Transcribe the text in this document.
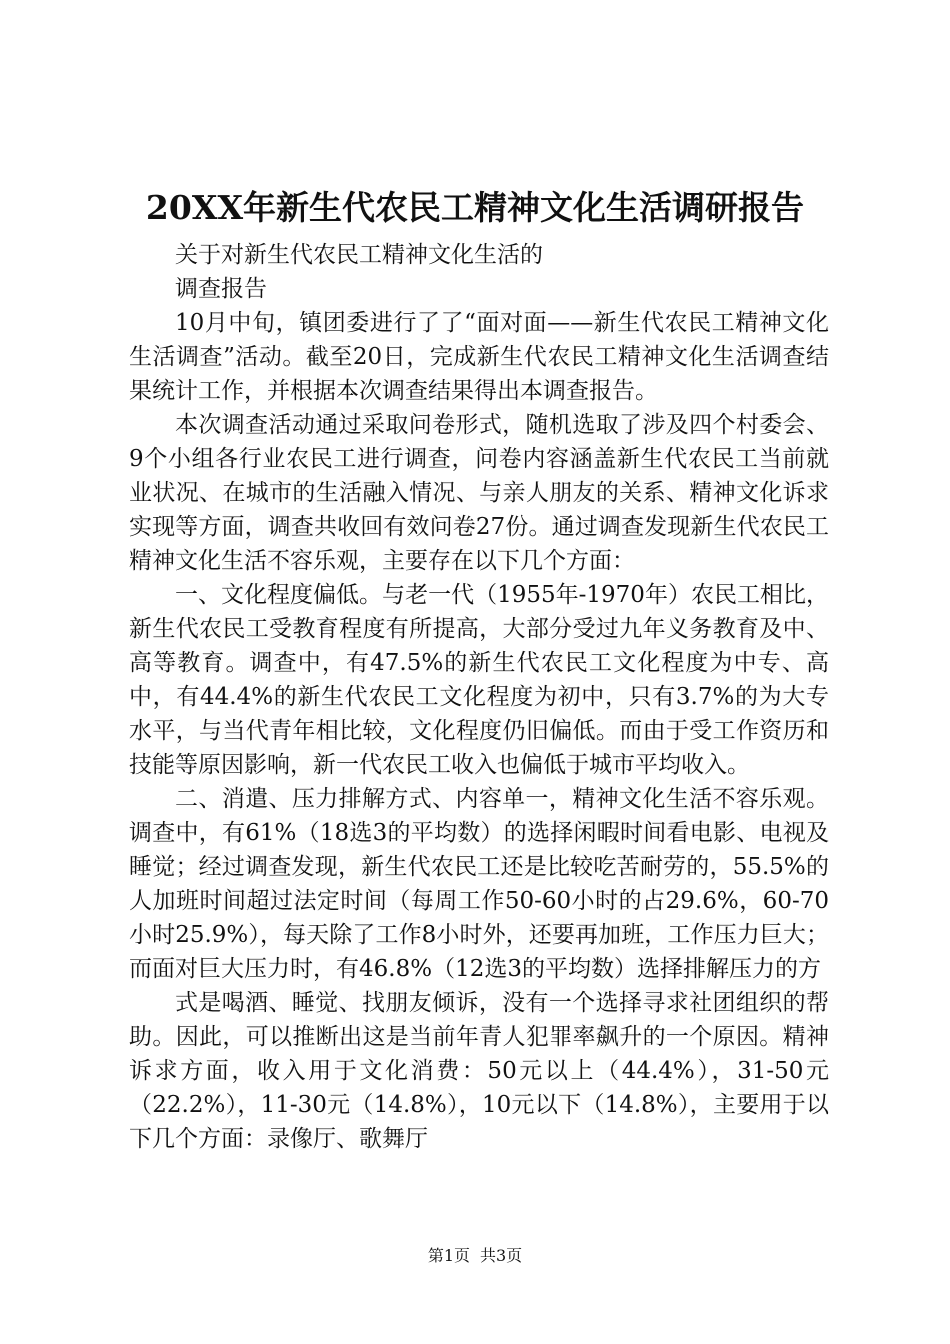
20XX年新生代农民工精神文化生活调研报告

关于对新生代农民工精神文化生活的

调查报告

10月中旬，镇团委进行了了“面对面——新生代农民工精神文化生活调查”活动。截至20日，完成新生代农民工精神文化生活调查结果统计工作，并根据本次调查结果得出本调查报告。

本次调查活动通过采取问卷形式，随机选取了涉及四个村委会、9个小组各行业农民工进行调查，问卷内容涵盖新生代农民工当前就业状况、在城市的生活融入情况、与亲人朋友的关系、精神文化诉求实现等方面，调查共收回有效问卷27份。通过调查发现新生代农民工精神文化生活不容乐观，主要存在以下几个方面：

一、文化程度偏低。与老一代（1955年-1970年）农民工相比，新生代农民工受教育程度有所提高，大部分受过九年义务教育及中、高等教育。调查中，有47.5%的新生代农民工文化程度为中专、高中，有44.4%的新生代农民工文化程度为初中，只有3.7%的为大专水平，与当代青年相比较，文化程度仍旧偏低。而由于受工作资历和技能等原因影响，新一代农民工收入也偏低于城市平均收入。

二、消遣、压力排解方式、内容单一，精神文化生活不容乐观。调查中，有61%（18选3的平均数）的选择闲暇时间看电影、电视及睡觉；经过调查发现，新生代农民工还是比较吃苦耐劳的，55.5%的人加班时间超过法定时间（每周工作50-60小时的占29.6%，60-70小时25.9%），每天除了工作8小时外，还要再加班，工作压力巨大；而面对巨大压力时，有46.8%（12选3的平均数）选择排解压力的方

式是喝酒、睡觉、找朋友倾诉，没有一个选择寻求社团组织的帮助。因此，可以推断出这是当前年青人犯罪率飙升的一个原因。精神诉求方面，收入用于文化消费：50元以上（44.4%），31-50元（22.2%），11-30元（14.8%），10元以下（14.8%），主要用于以下几个方面：录像厅、歌舞厅

第1页 共3页
